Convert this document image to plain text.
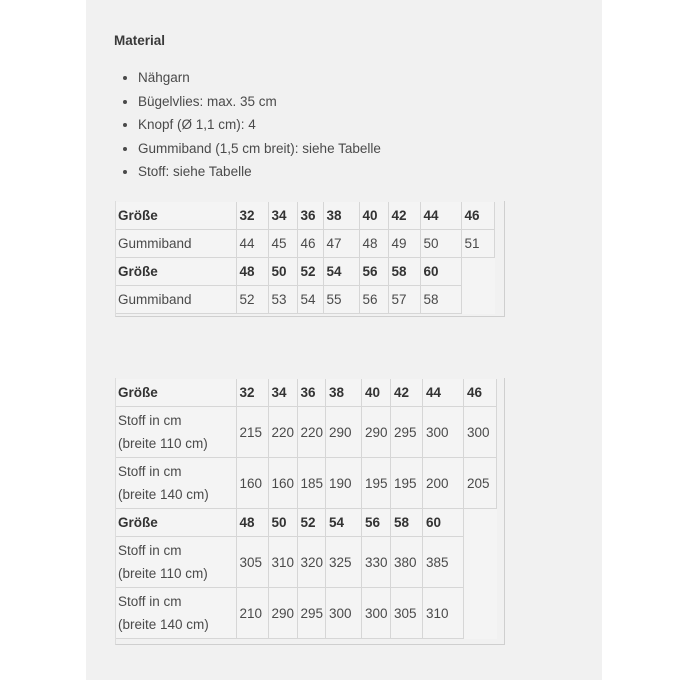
Material
• Nähgarn
• Bügelvlies: max. 35 cm
• Knopf (Ø 1,1 cm): 4
• Gummiband (1,5 cm breit): siehe Tabelle
• Stoff: siehe Tabelle
Größe	32	34	36	38	40	42	44	46
Gummiband	44	45	46	47	48	49	50	51
Größe	48	50	52	54	56	58	60	
Gummiband	52	53	54	55	56	57	58	
Größe	32	34	36	38	40	42	44	46

Stoff in cm
(breite 110 cm)	215	220	220	290	290	295	300	300

Stoff in cm
(breite 140 cm)	160	160	185	190	195	195	200	205
Größe	48	50	52	54	56	58	60	

Stoff in cm
(breite 110 cm)	305	310	320	325	330	380	385	

Stoff in cm
(breite 140 cm)	210	290	295	300	300	305	310	
